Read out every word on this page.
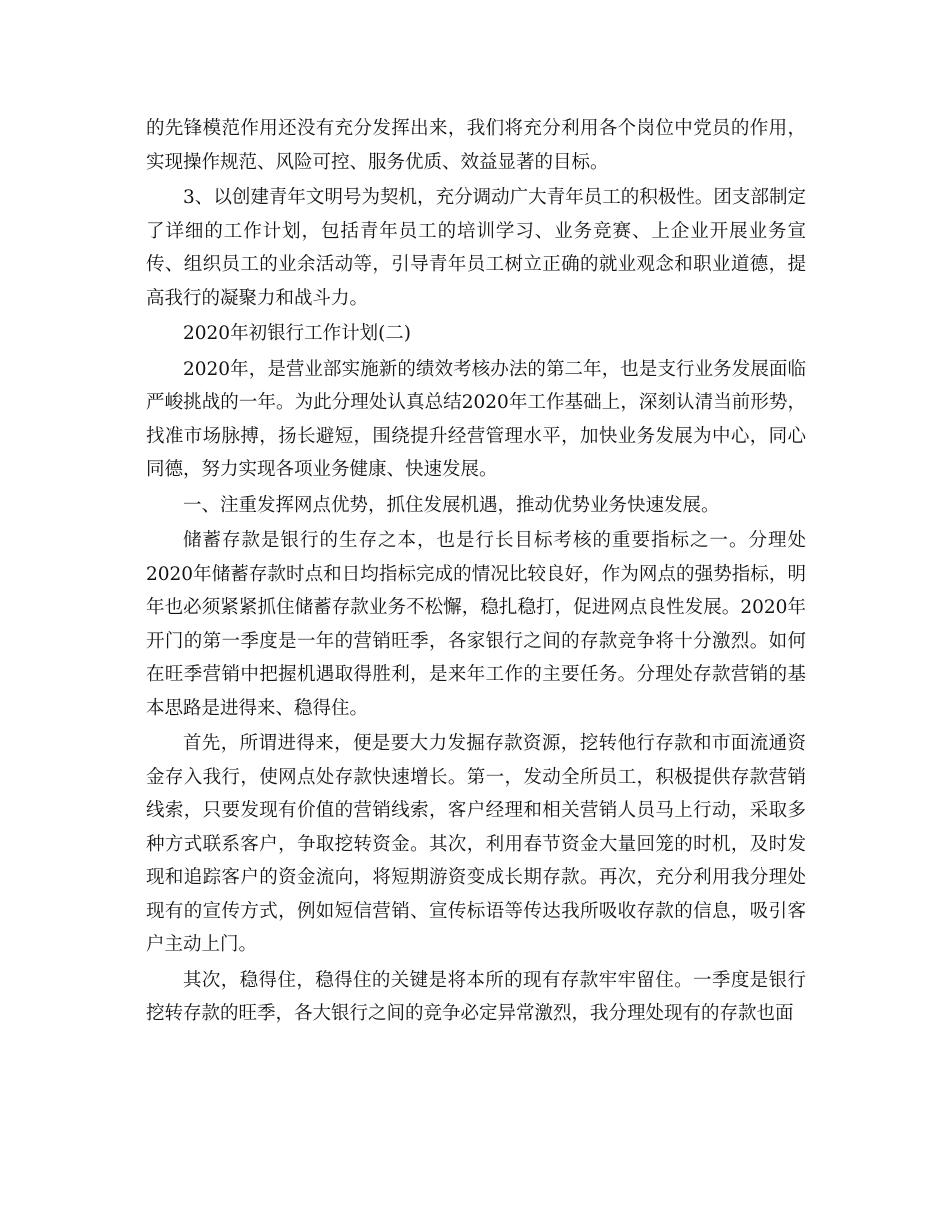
的先锋模范作用还没有充分发挥出来，我们将充分利用各个岗位中党员的作用，实现操作规范、风险可控、服务优质、效益显著的目标。

3、以创建青年文明号为契机，充分调动广大青年员工的积极性。团支部制定了详细的工作计划，包括青年员工的培训学习、业务竞赛、上企业开展业务宣传、组织员工的业余活动等，引导青年员工树立正确的就业观念和职业道德，提高我行的凝聚力和战斗力。

2020年初银行工作计划(二)

2020年，是营业部实施新的绩效考核办法的第二年，也是支行业务发展面临严峻挑战的一年。为此分理处认真总结2020年工作基础上，深刻认清当前形势，找准市场脉搏，扬长避短，围绕提升经营管理水平，加快业务发展为中心，同心同德，努力实现各项业务健康、快速发展。

一、注重发挥网点优势，抓住发展机遇，推动优势业务快速发展。

储蓄存款是银行的生存之本，也是行长目标考核的重要指标之一。分理处2020年储蓄存款时点和日均指标完成的情况比较良好，作为网点的强势指标，明年也必须紧紧抓住储蓄存款业务不松懈，稳扎稳打，促进网点良性发展。2020年开门的第一季度是一年的营销旺季，各家银行之间的存款竞争将十分激烈。如何在旺季营销中把握机遇取得胜利，是来年工作的主要任务。分理处存款营销的基本思路是进得来、稳得住。

首先，所谓进得来，便是要大力发掘存款资源，挖转他行存款和市面流通资金存入我行，使网点处存款快速增长。第一，发动全所员工，积极提供存款营销线索，只要发现有价值的营销线索，客户经理和相关营销人员马上行动，采取多种方式联系客户，争取挖转资金。其次，利用春节资金大量回笼的时机，及时发现和追踪客户的资金流向，将短期游资变成长期存款。再次，充分利用我分理处现有的宣传方式，例如短信营销、宣传标语等传达我所吸收存款的信息，吸引客户主动上门。

其次，稳得住，稳得住的关键是将本所的现有存款牢牢留住。一季度是银行挖转存款的旺季，各大银行之间的竞争必定异常激烈，我分理处现有的存款也面
